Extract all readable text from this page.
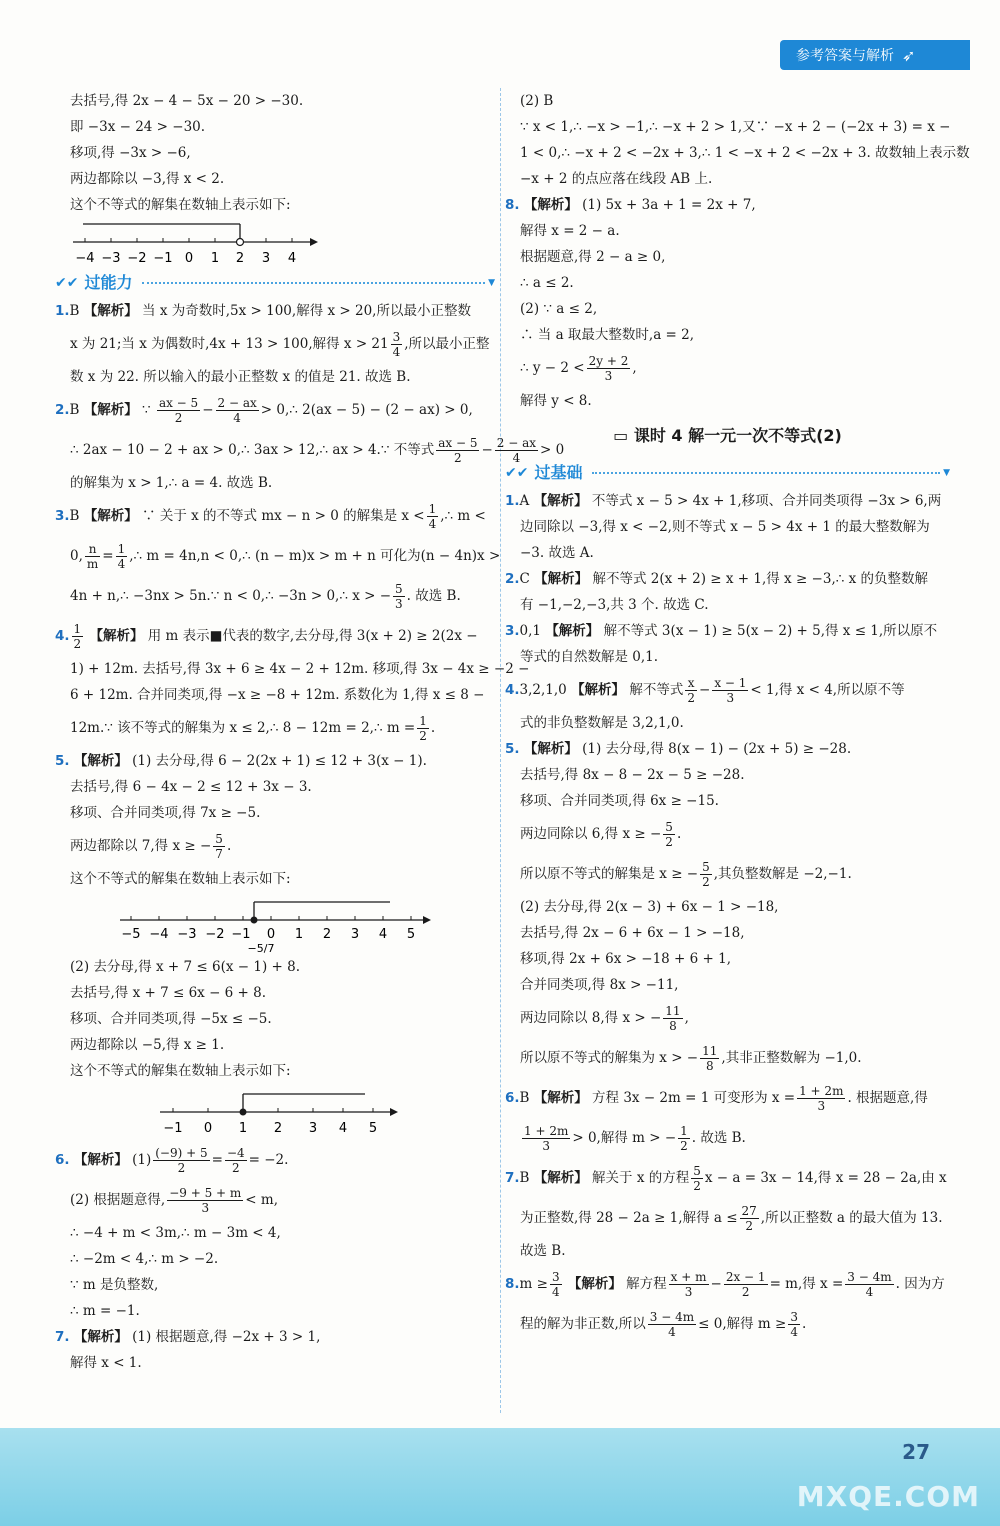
参考答案与解析 ➶
去括号,得 2x − 4 − 5x − 20 > −30.
即 −3x − 24 > −30.
移项,得 −3x > −6,
两边都除以 −3,得 x < 2.
这个不等式的解集在数轴上表示如下:
−4 −3 −2 −1 0 1 2 3 4
✔✔ 过能力	▼
1.B 【解析】 当 x 为奇数时,5x > 100,解得 x > 20,所以最小正整数
x 为 21;当 x 为偶数时,4x + 13 > 100,解得 $x > 21 \frac{3}{4}$ ,所以最小正整
数 x 为 22. 所以输入的最小正整数 x 的值是 21. 故选 B.
2.B 【解析】 ∵ $\frac{ax - 5}{2} - \frac{2 - ax}{4}$ > 0,∴ 2(ax − 5) − (2 − ax) > 0,
∴ 2ax − 10 − 2 + ax > 0,∴ 3ax > 12,∴ ax > 4.∵ 不等式 $\frac{ax - 5}{2} - \frac{2 - ax}{4} > 0$
的解集为 x > 1,∴ a = 4. 故选 B.
3.B 【解析】 ∵ 关于 x 的不等式 mx − n > 0 的解集是 $x < \frac{1}{4}$ ,∴ m <
0, $\frac{n}{m} = \frac{1}{4}$ ,∴ m = 4n,n < 0,∴ (n − m)x > m + n 可化为(n − 4n)x >
4n + n,∴ −3nx > 5n.∵ n < 0,∴ −3n > 0,∴ x > − $\frac{5}{3}$ . 故选 B.
4. $\frac{1}{2}$ 【解析】 用 m 表示■代表的数字,去分母,得 3(x + 2) ≥ 2(2x −
1) + 12m. 去括号,得 3x + 6 ≥ 4x − 2 + 12m. 移项,得 3x − 4x ≥ −2 −
6 + 12m. 合并同类项,得 −x ≥ −8 + 12m. 系数化为 1,得 x ≤ 8 −
12m.∵ 该不等式的解集为 x ≤ 2,∴ 8 − 12m = 2,∴ $m = \frac{1}{2}$ .
5. 【解析】 (1) 去分母,得 6 − 2(2x + 1) ≤ 12 + 3(x − 1).
去括号,得 6 − 4x − 2 ≤ 12 + 3x − 3.
移项、合并同类项,得 7x ≥ −5.
两边都除以 7,得 x ≥ − $\frac{5}{7}$ .
这个不等式的解集在数轴上表示如下:
−5 −4 −3 −2 −1 0 1 2 3 4 5
−5/7
(2) 去分母,得 x + 7 ≤ 6(x − 1) + 8.
去括号,得 x + 7 ≤ 6x − 6 + 8.
移项、合并同类项,得 −5x ≤ −5.
两边都除以 −5,得 x ≥ 1.
这个不等式的解集在数轴上表示如下:
−1 0 1 2 3 4 5
6. 【解析】 $(1) \frac{(-9) + 5}{2} = \frac{-4}{2} = -2$.
(2) 根据题意得, $\frac{-9 + 5 + m}{3} < m$,
∴ −4 + m < 3m,∴ m − 3m < 4,
∴ −2m < 4,∴ m > −2.
∵ m 是负整数,
∴ m = −1.
7. 【解析】 (1) 根据题意,得 −2x + 3 > 1,
解得 x < 1.
(2) B
∵ x < 1,∴ −x > −1,∴ −x + 2 > 1,又∵ −x + 2 − (−2x + 3) = x −
1 < 0,∴ −x + 2 < −2x + 3,∴ 1 < −x + 2 < −2x + 3. 故数轴上表示数
−x + 2 的点应落在线段 AB 上.
8. 【解析】 (1) 5x + 3a + 1 = 2x + 7,
解得 x = 2 − a.
根据题意,得 2 − a ≥ 0,
∴ a ≤ 2.
(2) ∵ a ≤ 2,
∴ 当 a 取最大整数时,a = 2,
∴ $y - 2 < \frac{2y + 2}{3}$ ,
解得 y < 8.
▭ 课时 4 解一元一次不等式(2)
✔✔ 过基础	▼
1.A 【解析】 不等式 x − 5 > 4x + 1,移项、合并同类项得 −3x > 6,两
边同除以 −3,得 x < −2,则不等式 x − 5 > 4x + 1 的最大整数解为
−3. 故选 A.
2.C 【解析】 解不等式 2(x + 2) ≥ x + 1,得 x ≥ −3,∴ x 的负整数解
有 −1,−2,−3,共 3 个. 故选 C.
3.0,1 【解析】 解不等式 3(x − 1) ≥ 5(x − 2) + 5,得 x ≤ 1,所以原不
等式的自然数解是 0,1.
4.3,2,1,0 【解析】 解不等式 $\frac{x}{2} - \frac{x - 1}{3} < 1$,得 x < 4,所以原不等
式的非负整数解是 3,2,1,0.
5. 【解析】 (1) 去分母,得 8(x − 1) − (2x + 5) ≥ −28.
去括号,得 8x − 8 − 2x − 5 ≥ −28.
移项、合并同类项,得 6x ≥ −15.
两边同除以 6,得 x ≥ − $\frac{5}{2}$ .
所以原不等式的解集是 x ≥ − $\frac{5}{2}$ ,其负整数解是 −2,−1.
(2) 去分母,得 2(x − 3) + 6x − 1 > −18,
去括号,得 2x − 6 + 6x − 1 > −18,
移项,得 2x + 6x > −18 + 6 + 1,
合并同类项,得 8x > −11,
两边同除以 8,得 x > − $\frac{11}{8}$ ,
所以原不等式的解集为 x > − $\frac{11}{8}$ ,其非正整数解为 −1,0.
6.B 【解析】 方程 3x − 2m = 1 可变形为 $x = \frac{1 + 2m}{3}$ . 根据题意,得
$\frac{1 + 2m}{3} > 0$,解得 m > − $\frac{1}{2}$ . 故选 B.
7.B 【解析】 解关于 x 的方程 $\frac{5}{2}$ x − a = 3x − 14,得 x = 28 − 2a,由 x
为正整数,得 28 − 2a ≥ 1,解得 $a \le \frac{27}{2}$ ,所以正整数 a 的最大值为 13.
故选 B.
$8.m \ge \frac{3}{4}$ 【解析】 解方程 $\frac{x + m}{3} - \frac{2x - 1}{2} = m$,得 $x = \frac{3 - 4m}{4}$ . 因为方
程的解为非正数,所以 $\frac{3 - 4m}{4} \le 0$,解得 $m \ge \frac{3}{4}$ .
27
MXQE.COM
